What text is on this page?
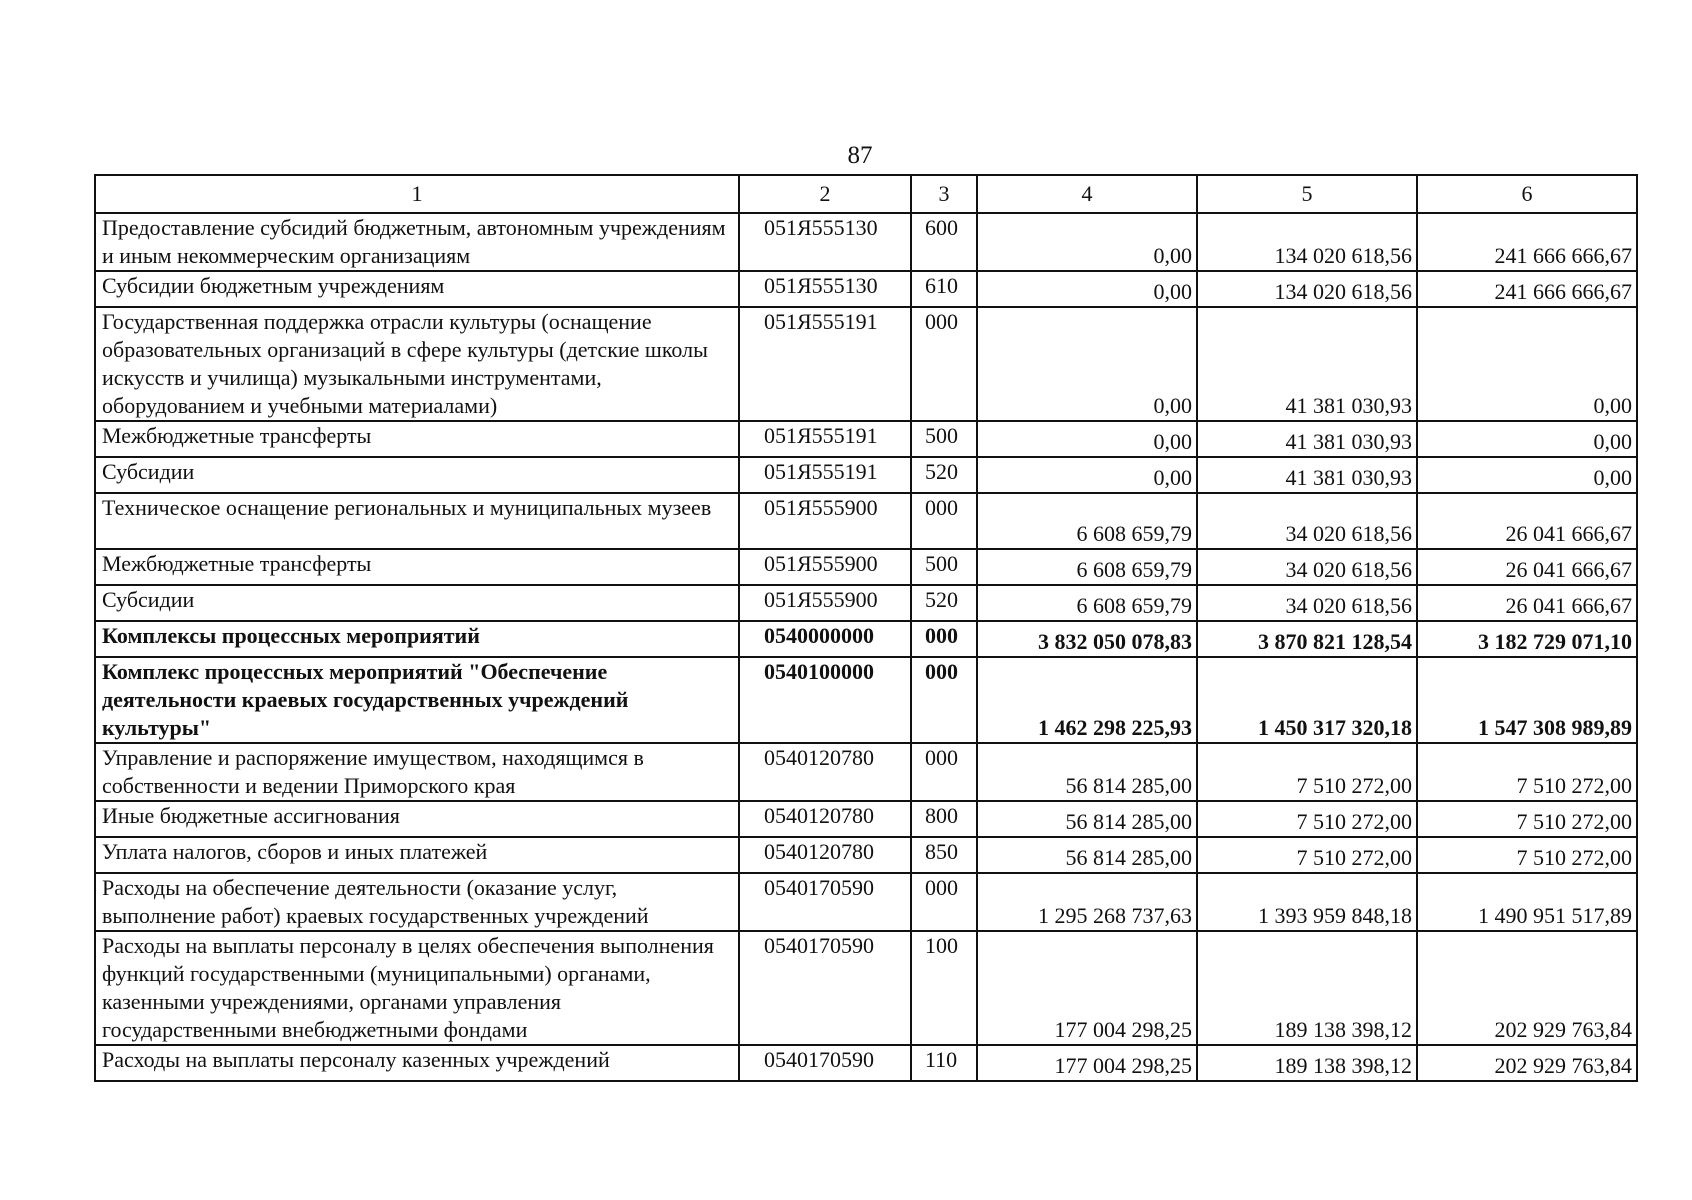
87
1	2	3	4	5	6
Предоставление субсидий бюджетным, автономным учреждениям и иным некоммерческим организациям	051Я555130	600	0,00	134 020 618,56	241 666 666,67
Субсидии бюджетным учреждениям	051Я555130	610	0,00	134 020 618,56	241 666 666,67
Государственная поддержка отрасли культуры (оснащение образовательных организаций в сфере культуры (детские школы искусств и училища) музыкальными инструментами, оборудованием и учебными материалами)	051Я555191	000	0,00	41 381 030,93	0,00
Межбюджетные трансферты	051Я555191	500	0,00	41 381 030,93	0,00
Субсидии	051Я555191	520	0,00	41 381 030,93	0,00
Техническое оснащение региональных и муниципальных музеев	051Я555900	000	6 608 659,79	34 020 618,56	26 041 666,67
Межбюджетные трансферты	051Я555900	500	6 608 659,79	34 020 618,56	26 041 666,67
Субсидии	051Я555900	520	6 608 659,79	34 020 618,56	26 041 666,67
Комплексы процессных мероприятий	0540000000	000	3 832 050 078,83	3 870 821 128,54	3 182 729 071,10
Комплекс процессных мероприятий "Обеспечение деятельности краевых государственных учреждений культуры"	0540100000	000	1 462 298 225,93	1 450 317 320,18	1 547 308 989,89
Управление и распоряжение имуществом, находящимся в собственности и ведении Приморского края	0540120780	000	56 814 285,00	7 510 272,00	7 510 272,00
Иные бюджетные ассигнования	0540120780	800	56 814 285,00	7 510 272,00	7 510 272,00
Уплата налогов, сборов и иных платежей	0540120780	850	56 814 285,00	7 510 272,00	7 510 272,00
Расходы на обеспечение деятельности (оказание услуг, выполнение работ) краевых государственных учреждений	0540170590	000	1 295 268 737,63	1 393 959 848,18	1 490 951 517,89
Расходы на выплаты персоналу в целях обеспечения выполнения функций государственными (муниципальными) органами, казенными учреждениями, органами управления государственными внебюджетными фондами	0540170590	100	177 004 298,25	189 138 398,12	202 929 763,84
Расходы на выплаты персоналу казенных учреждений	0540170590	110	177 004 298,25	189 138 398,12	202 929 763,84
